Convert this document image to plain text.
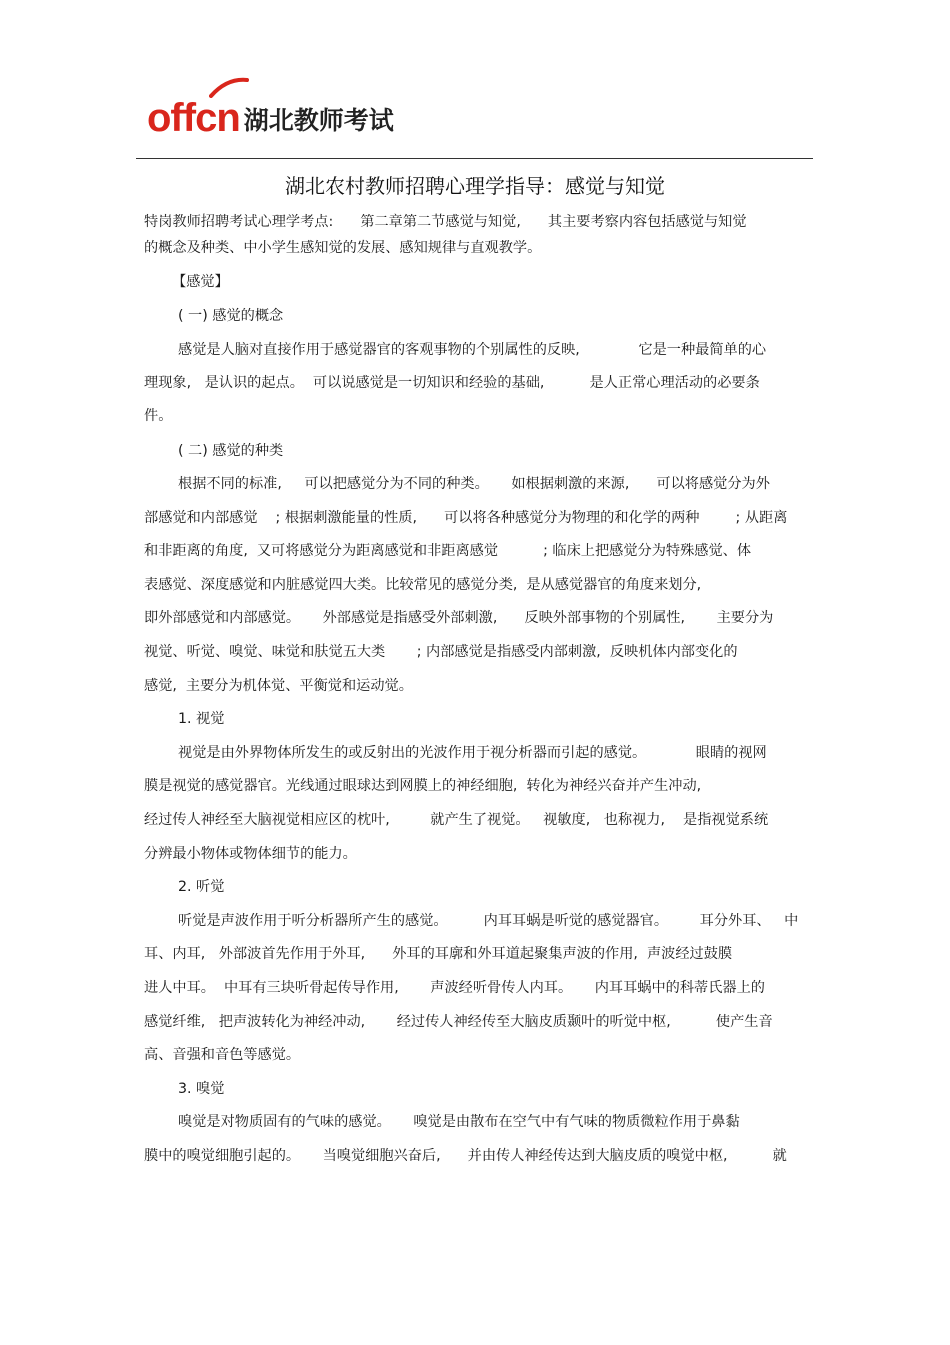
offcn 湖北教师考试
湖北农村教师招聘心理学指导：感觉与知觉
特岗教师招聘考试心理学考点:      第二章第二节感觉与知觉,      其主要考察内容包括感觉与知觉
的概念及种类、中小学生感知觉的发展、感知规律与直观教学。
【感觉】
( 一) 感觉的概念
感觉是人脑对直接作用于感觉器官的客观事物的个别属性的反映,             它是一种最简单的心
理现象,   是认识的起点。  可以说感觉是一切知识和经验的基础,          是人正常心理活动的必要条
件。
( 二) 感觉的种类
根据不同的标准,     可以把感觉分为不同的种类。     如根据刺激的来源,      可以将感觉分为外
部感觉和内部感觉    ; 根据刺激能量的性质,      可以将各种感觉分为物理的和化学的两种        ; 从距离
和非距离的角度,  又可将感觉分为距离感觉和非距离感觉          ; 临床上把感觉分为特殊感觉、体
表感觉、深度感觉和内脏感觉四大类。比较常见的感觉分类,  是从感觉器官的角度来划分,
即外部感觉和内部感觉。     外部感觉是指感受外部刺激,      反映外部事物的个别属性,       主要分为
视觉、听觉、嗅觉、味觉和肤觉五大类       ; 内部感觉是指感受内部刺激,  反映机体内部变化的
感觉,  主要分为机体觉、平衡觉和运动觉。
1. 视觉
视觉是由外界物体所发生的或反射出的光波作用于视分析器而引起的感觉。           眼睛的视网
膜是视觉的感觉器官。光线通过眼球达到网膜上的神经细胞,  转化为神经兴奋并产生冲动,
经过传人神经至大脑视觉相应区的枕叶,         就产生了视觉。   视敏度,   也称视力,    是指视觉系统
分辨最小物体或物体细节的能力。
2. 听觉
听觉是声波作用于听分析器所产生的感觉。        内耳耳蜗是听觉的感觉器官。       耳分外耳、   中
耳、内耳,   外部波首先作用于外耳,      外耳的耳廓和外耳道起聚集声波的作用,  声波经过鼓膜
进人中耳。  中耳有三块听骨起传导作用,       声波经听骨传人内耳。     内耳耳蜗中的科蒂氏器上的
感觉纤维,   把声波转化为神经冲动,       经过传人神经传至大脑皮质颞叶的听觉中枢,          使产生音
高、音强和音色等感觉。
3. 嗅觉
嗅觉是对物质固有的气味的感觉。     嗅觉是由散布在空气中有气味的物质微粒作用于鼻黏
膜中的嗅觉细胞引起的。     当嗅觉细胞兴奋后,      并由传人神经传达到大脑皮质的嗅觉中枢,          就
